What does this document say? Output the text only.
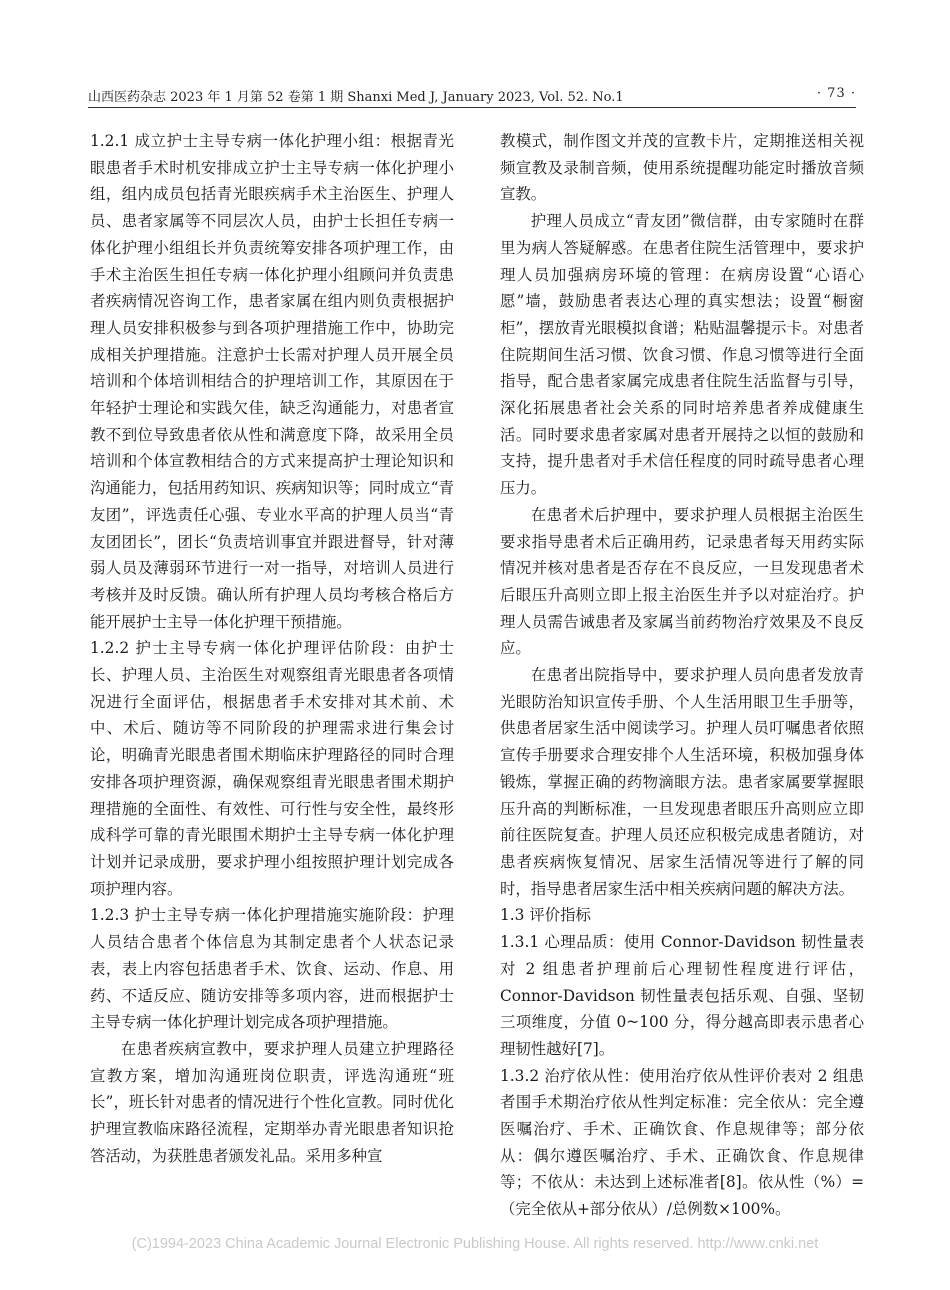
山西医药杂志 2023 年 1 月第 52 卷第 1 期 Shanxi Med J, January 2023, Vol. 52. No.1	· 73 ·

1.2.1 成立护士主导专病一体化护理小组：根据青光眼患者手术时机安排成立护士主导专病一体化护理小组，组内成员包括青光眼疾病手术主治医生、护理人员、患者家属等不同层次人员，由护士长担任专病一体化护理小组组长并负责统筹安排各项护理工作，由手术主治医生担任专病一体化护理小组顾问并负责患者疾病情况咨询工作，患者家属在组内则负责根据护理人员安排积极参与到各项护理措施工作中，协助完成相关护理措施。注意护士长需对护理人员开展全员培训和个体培训相结合的护理培训工作，其原因在于年轻护士理论和实践欠佳，缺乏沟通能力，对患者宣教不到位导致患者依从性和满意度下降，故采用全员培训和个体宣教相结合的方式来提高护士理论知识和沟通能力，包括用药知识、疾病知识等；同时成立“青友团”，评选责任心强、专业水平高的护理人员当“青友团团长”，团长“负责培训事宜并跟进督导，针对薄弱人员及薄弱环节进行一对一指导，对培训人员进行考核并及时反馈。确认所有护理人员均考核合格后方能开展护士主导一体化护理干预措施。

1.2.2 护士主导专病一体化护理评估阶段：由护士长、护理人员、主治医生对观察组青光眼患者各项情况进行全面评估，根据患者手术安排对其术前、术中、术后、随访等不同阶段的护理需求进行集会讨论，明确青光眼患者围术期临床护理路径的同时合理安排各项护理资源，确保观察组青光眼患者围术期护理措施的全面性、有效性、可行性与安全性，最终形成科学可靠的青光眼围术期护士主导专病一体化护理计划并记录成册，要求护理小组按照护理计划完成各项护理内容。

1.2.3 护士主导专病一体化护理措施实施阶段：护理人员结合患者个体信息为其制定患者个人状态记录表，表上内容包括患者手术、饮食、运动、作息、用药、不适反应、随访安排等多项内容，进而根据护士主导专病一体化护理计划完成各项护理措施。

在患者疾病宣教中，要求护理人员建立护理路径宣教方案，增加沟通班岗位职责，评选沟通班“班长”，班长针对患者的情况进行个性化宣教。同时优化护理宣教临床路径流程，定期举办青光眼患者知识抢答活动，为获胜患者颁发礼品。采用多种宣

教模式，制作图文并茂的宣教卡片，定期推送相关视频宣教及录制音频，使用系统提醒功能定时播放音频宣教。

护理人员成立“青友团”微信群，由专家随时在群里为病人答疑解惑。在患者住院生活管理中，要求护理人员加强病房环境的管理：在病房设置“心语心愿”墙，鼓励患者表达心理的真实想法；设置“橱窗柜”，摆放青光眼模拟食谱；粘贴温馨提示卡。对患者住院期间生活习惯、饮食习惯、作息习惯等进行全面指导，配合患者家属完成患者住院生活监督与引导，深化拓展患者社会关系的同时培养患者养成健康生活。同时要求患者家属对患者开展持之以恒的鼓励和支持，提升患者对手术信任程度的同时疏导患者心理压力。

在患者术后护理中，要求护理人员根据主治医生要求指导患者术后正确用药，记录患者每天用药实际情况并核对患者是否存在不良反应，一旦发现患者术后眼压升高则立即上报主治医生并予以对症治疗。护理人员需告诫患者及家属当前药物治疗效果及不良反应。

在患者出院指导中，要求护理人员向患者发放青光眼防治知识宣传手册、个人生活用眼卫生手册等，供患者居家生活中阅读学习。护理人员叮嘱患者依照宣传手册要求合理安排个人生活环境，积极加强身体锻炼，掌握正确的药物滴眼方法。患者家属要掌握眼压升高的判断标准，一旦发现患者眼压升高则应立即前往医院复查。护理人员还应积极完成患者随访，对患者疾病恢复情况、居家生活情况等进行了解的同时，指导患者居家生活中相关疾病问题的解决方法。

1.3 评价指标

1.3.1 心理品质：使用 Connor-Davidson 韧性量表对 2 组患者护理前后心理韧性程度进行评估，Connor-Davidson 韧性量表包括乐观、自强、坚韧三项维度，分值 0~100 分，得分越高即表示患者心理韧性越好[7]。

1.3.2 治疗依从性：使用治疗依从性评价表对 2 组患者围手术期治疗依从性判定标准：完全依从：完全遵医嘱治疗、手术、正确饮食、作息规律等；部分依从：偶尔遵医嘱治疗、手术、正确饮食、作息规律等；不依从：未达到上述标准者[8]。依从性（%）=（完全依从+部分依从）/总例数×100%。

(C)1994-2023 China Academic Journal Electronic Publishing House. All rights reserved. http://www.cnki.net
